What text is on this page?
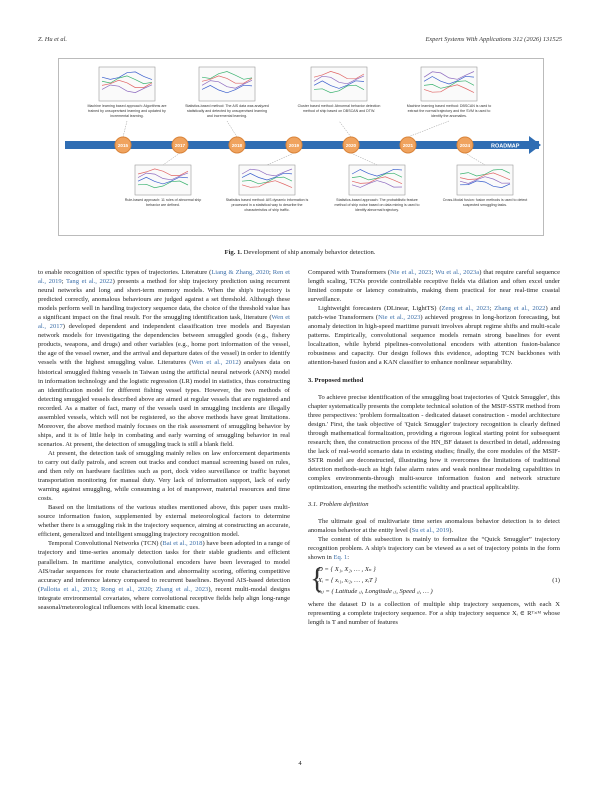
Z. Hu et al.	Expert Systems With Applications 312 (2026) 131525
Machine learning based approach: Algorithms are
trained by unsupervised learning and updated by
incremental learning.
Statistics-based method: The AIS data was analyzed
statistically and detected by unsupervised learning
and incremental learning.
Cluster based method: Abnormal behavior detection
method of ship based on DBSCAN and DTW.
Machine learning based method: DBSCAN is used to
extract the normal trajectory and the SVM is used to
identify the anomalies.
Rule-based approach: 11 rules of abnormal ship
behavior are defined.
Statistics based method: AIS dynamic information is
processed in a statistical way to describe the
characteristics of ship traffic.
Statistics-based approach: The probabilistic feature
method of ship noise based on data mining is used to
identify abnormal trajectory.
Cross-Modal fusion: fusion methods is used to detect
suspected smuggling tasks.
ROADMAP
2015	2017	2018	2019	2020	2021	2024
Fig. 1. Development of ship anomaly behavior detection.

to enable recognition of specific types of trajectories. Literature (Liang & Zhang, 2020; Ren et al., 2019; Tang et al., 2022) presents a method for ship trajectory prediction using recurrent neural networks and long and short-term memory models. When the ship's trajectory is predicted correctly, anomalous behaviours are judged against a set threshold. Although these models perform well in handling trajectory sequence data, the choice of the threshold value has a significant impact on the final result. For the smuggling identification task, literature (Wen et al., 2017) developed dependent and independent classification tree models and Bayesian network models for investigating the dependencies between smuggled goods (e.g., fishery products, weapons, and drugs) and other variables (e.g., home port information of the vessel, the age of the vessel owner, and the arrival and departure dates of the vessel) in order to identify vessels with the highest smuggling value. Literatures (Wen et al., 2012) analyses data on historical smuggled fishing vessels in Taiwan using the artificial neural network (ANN) model in information technology and the logistic regression (LR) model in statistics, thus constructing an identification model for different fishing vessel types. However, the two methods of detecting smuggled vessels described above are aimed at regular vessels that are registered and recorded. As a matter of fact, many of the vessels used in smuggling incidents are illegally assembled vessels, which will not be registered, so the above methods have great limitations. Moreover, the above method mainly focuses on the risk assessment of smuggling behavior by ships, and it is of little help in combating and early warning of smuggling behavior in real scenarios. At present, the detection of smuggling track is still a blank field.

At present, the detection task of smuggling mainly relies on law enforcement departments to carry out daily patrols, and screen out tracks and conduct manual screening based on rules, and then rely on hardware facilities such as port, dock video surveillance or traffic bayonet transportation monitoring for manual duty. Very lack of information support, lack of early warning against smuggling, while consuming a lot of manpower, material resources and time costs.

Based on the limitations of the various studies mentioned above, this paper uses multi-source information fusion, supplemented by external meteorological factors to determine whether there is a smuggling risk in the trajectory sequence, aiming at constructing an accurate, efficient, generalized and intelligent smuggling trajectory recognition model.

Temporal Convolutional Networks (TCN) (Bai et al., 2018) have been adopted in a range of trajectory and time-series anomaly detection tasks for their stable gradients and efficient parallelism. In maritime analytics, convolutional encoders have been leveraged to model AIS/radar sequences for route characterization and abnormality scoring, offering competitive accuracy and inference latency compared to recurrent baselines. Beyond AIS-based detection (Pallotta et al., 2013; Rong et al., 2020; Zhang et al., 2023), recent multi-modal designs integrate environmental covariates, where convolutional receptive fields help align long-range seasonal/meteorological influences with local kinematic cues.

Compared with Transformers (Nie et al., 2023; Wu et al., 2023a) that require careful sequence length scaling, TCNs provide controllable receptive fields via dilation and often excel under limited compute or latency constraints, making them practical for near real-time coastal surveillance.

Lightweight forecasters (DLinear, LightTS) (Zeng et al., 2023; Zhang et al., 2022) and patch-wise Transformers (Nie et al., 2023) achieved progress in long-horizon forecasting, but anomaly detection in high-speed maritime pursuit involves abrupt regime shifts and multi-scale patterns. Empirically, convolutional sequence models remain strong baselines for event localization, while hybrid pipelines-convolutional encoders with attention fusion-balance robustness and capacity. Our design follows this evidence, adopting TCN backbones with attention-based fusion and a KAN classifier to enhance nonlinear separability.

3. Proposed method

To achieve precise identification of the smuggling boat trajectories of 'Quick Smuggler', this chapter systematically presents the complete technical solution of the MSIF-SSTR method from three perspectives: 'problem formalization - dedicated dataset construction - model architecture design.' First, the task objective of 'Quick Smuggler' trajectory recognition is clearly defined through mathematical formalization, providing a rigorous logical starting point for subsequent research; then, the construction process of the HN_BF dataset is described in detail, addressing the lack of real-world scenario data in existing studies; finally, the core modules of the MSIF-SSTR model are deconstructed, illustrating how it overcomes the limitations of traditional detection methods-such as high false alarm rates and weak nonlinear modeling capabilities in complex environments-through multi-source information fusion and network structure optimization, ensuring the method's scientific validity and practical applicability.

3.1. Problem definition

The ultimate goal of multivariate time series anomalous behavior detection is to detect anomalous behavior at the entity level (Su et al., 2019).

The content of this subsection is mainly to formalize the “Quick Smuggler” trajectory recognition problem. A ship's trajectory can be viewed as a set of trajectory points in the form shown in Eq. 1:

{
D = { X₁, X₂, … , Xₙ }
Xᵢ = { xᵢ₁, xᵢ₂, … , xᵢT }
xᵢⱼ = ( Latitude ᵢⱼ, Longitude ᵢⱼ, Speed ᵢⱼ, … )
(1)

where the dataset D is a collection of multiple ship trajectory sequences, with each X representing a complete trajectory sequence. For a ship trajectory sequence Xᵢ ∈ Rᵀ×ᴹ whose length is T and number of features

4
